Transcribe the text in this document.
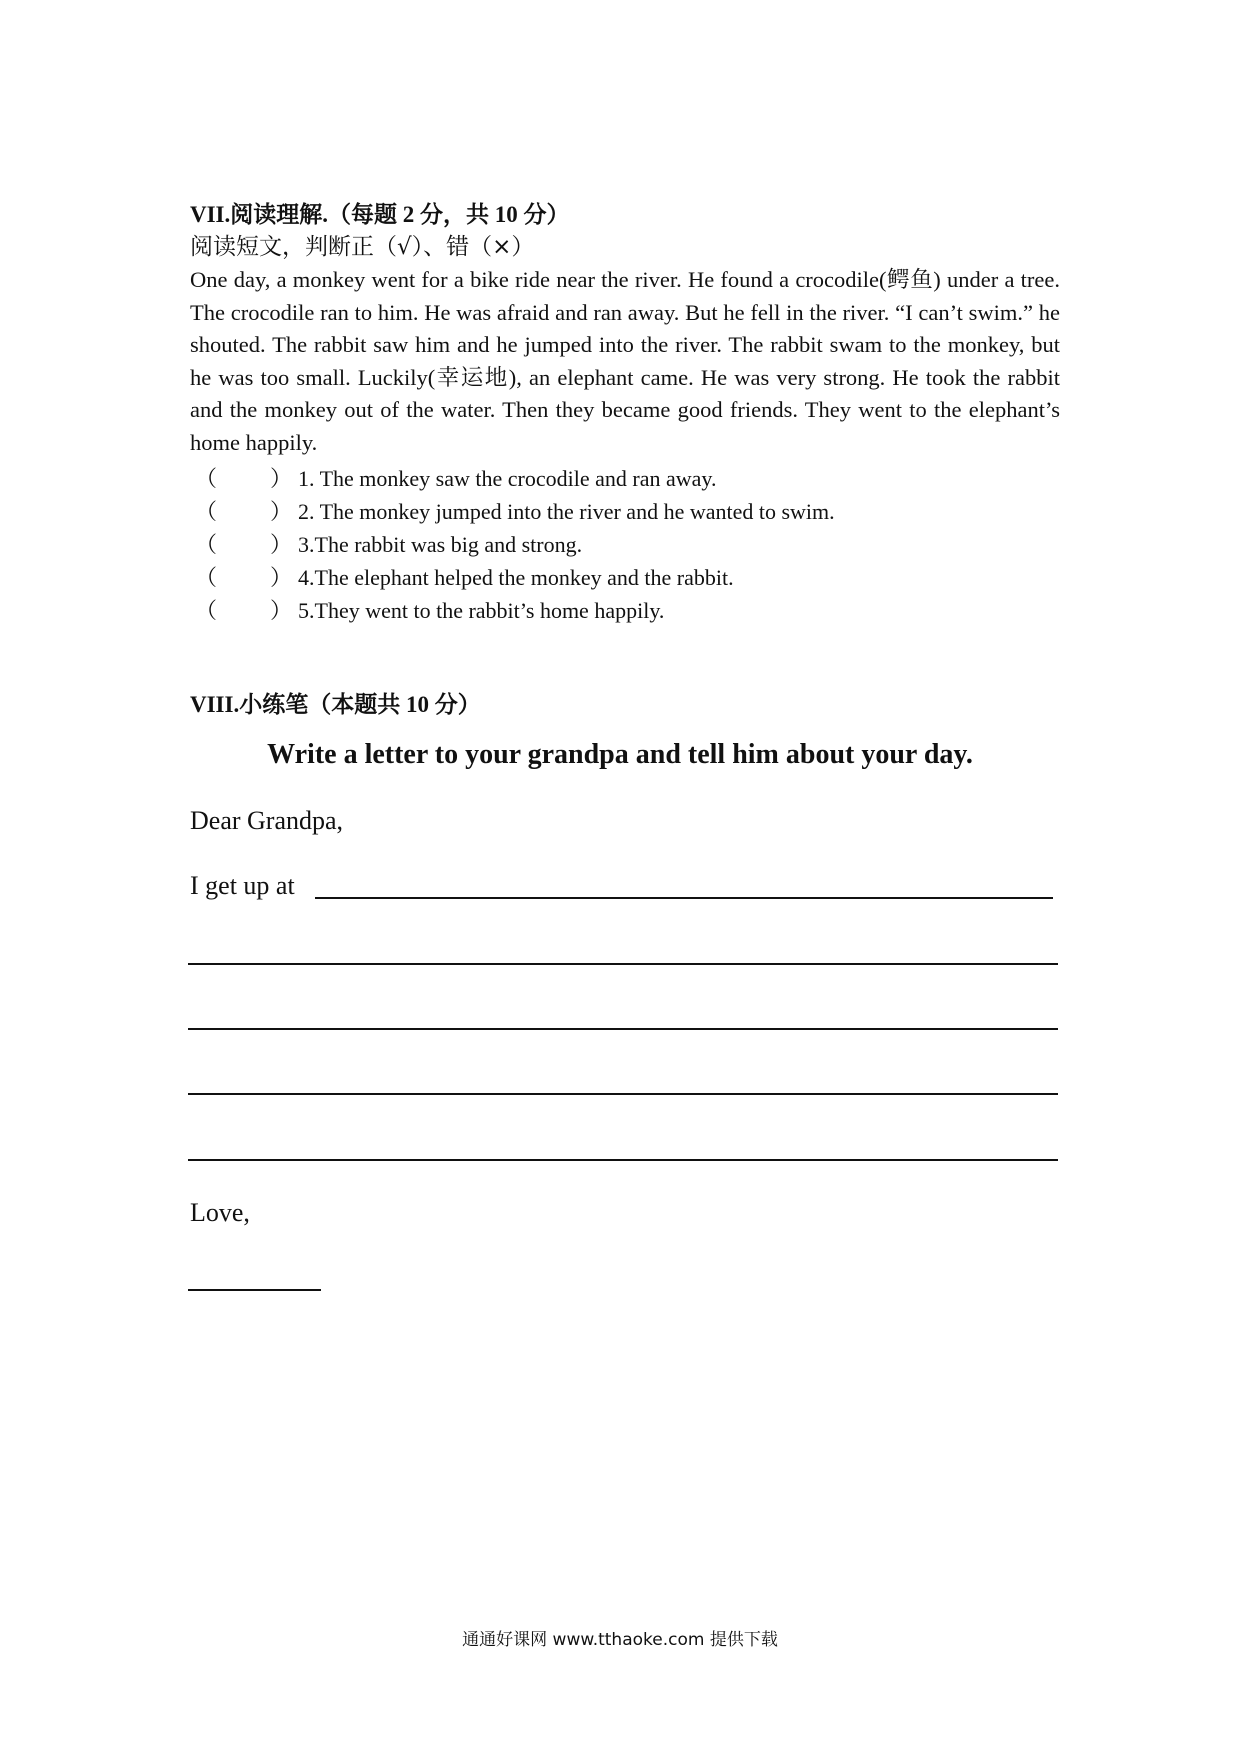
VII.阅读理解.（每题 2 分，共 10 分）
阅读短文，判断正（√）、错（×）
One day, a monkey went for a bike ride near the river. He found a crocodile(鳄鱼) under a tree. The crocodile ran to him. He was afraid and ran away. But he fell in the river. “I can’t swim.” he shouted. The rabbit saw him and he jumped into the river. The rabbit swam to the monkey, but he was too small. Luckily(幸运地), an elephant came. He was very strong. He took the rabbit and the monkey out of the water. Then they became good friends. They went to the elephant’s home happily.
（ ） 1. The monkey saw the crocodile and ran away.
（ ） 2. The monkey jumped into the river and he wanted to swim.
（ ） 3.The rabbit was big and strong.
（ ） 4.The elephant helped the monkey and the rabbit.
（ ） 5.They went to the rabbit’s home happily.
VIII.小练笔（本题共 10 分）
Write a letter to your grandpa and tell him about your day.
Dear Grandpa,
I get up at
Love,
通通好课网 www.tthaoke.com 提供下载
